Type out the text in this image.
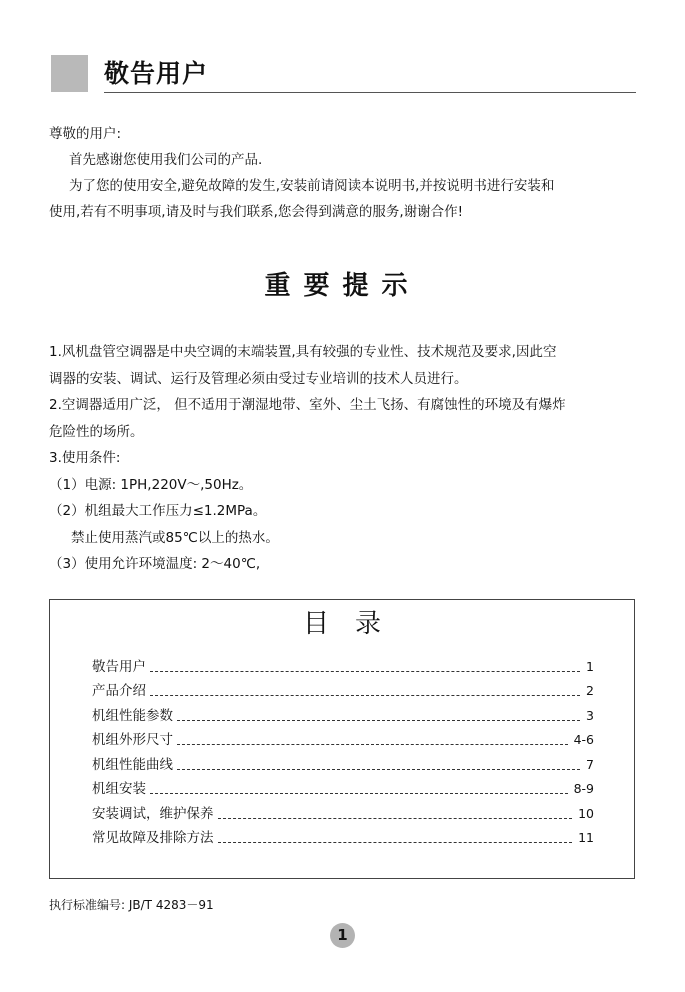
敬告用户

尊敬的用户:

首先感谢您使用我们公司的产品.

为了您的使用安全,避免故障的发生,安装前请阅读本说明书,并按说明书进行安装和

使用,若有不明事项,请及时与我们联系,您会得到满意的服务,谢谢合作!

重要提示

1.风机盘管空调器是中央空调的末端装置,具有较强的专业性、技术规范及要求,因此空

调器的安装、调试、运行及管理必须由受过专业培训的技术人员进行。

2.空调器适用广泛， 但不适用于潮湿地带、室外、尘土飞扬、有腐蚀性的环境及有爆炸

危险性的场所。

3.使用条件:

（1）电源: 1PH,220V～,50Hz。

（2）机组最大工作压力≤1.2MPa。

禁止使用蒸汽或85℃以上的热水。

（3）使用允许环境温度: 2～40℃,

目录
敬告用户	1
产品介绍	2
机组性能参数	3
机组外形尺寸	4-6
机组性能曲线	7
机组安装	8-9
安装调试，维护保养	10
常见故障及排除方法	11
执行标准编号: JB/T 4283－91
1
